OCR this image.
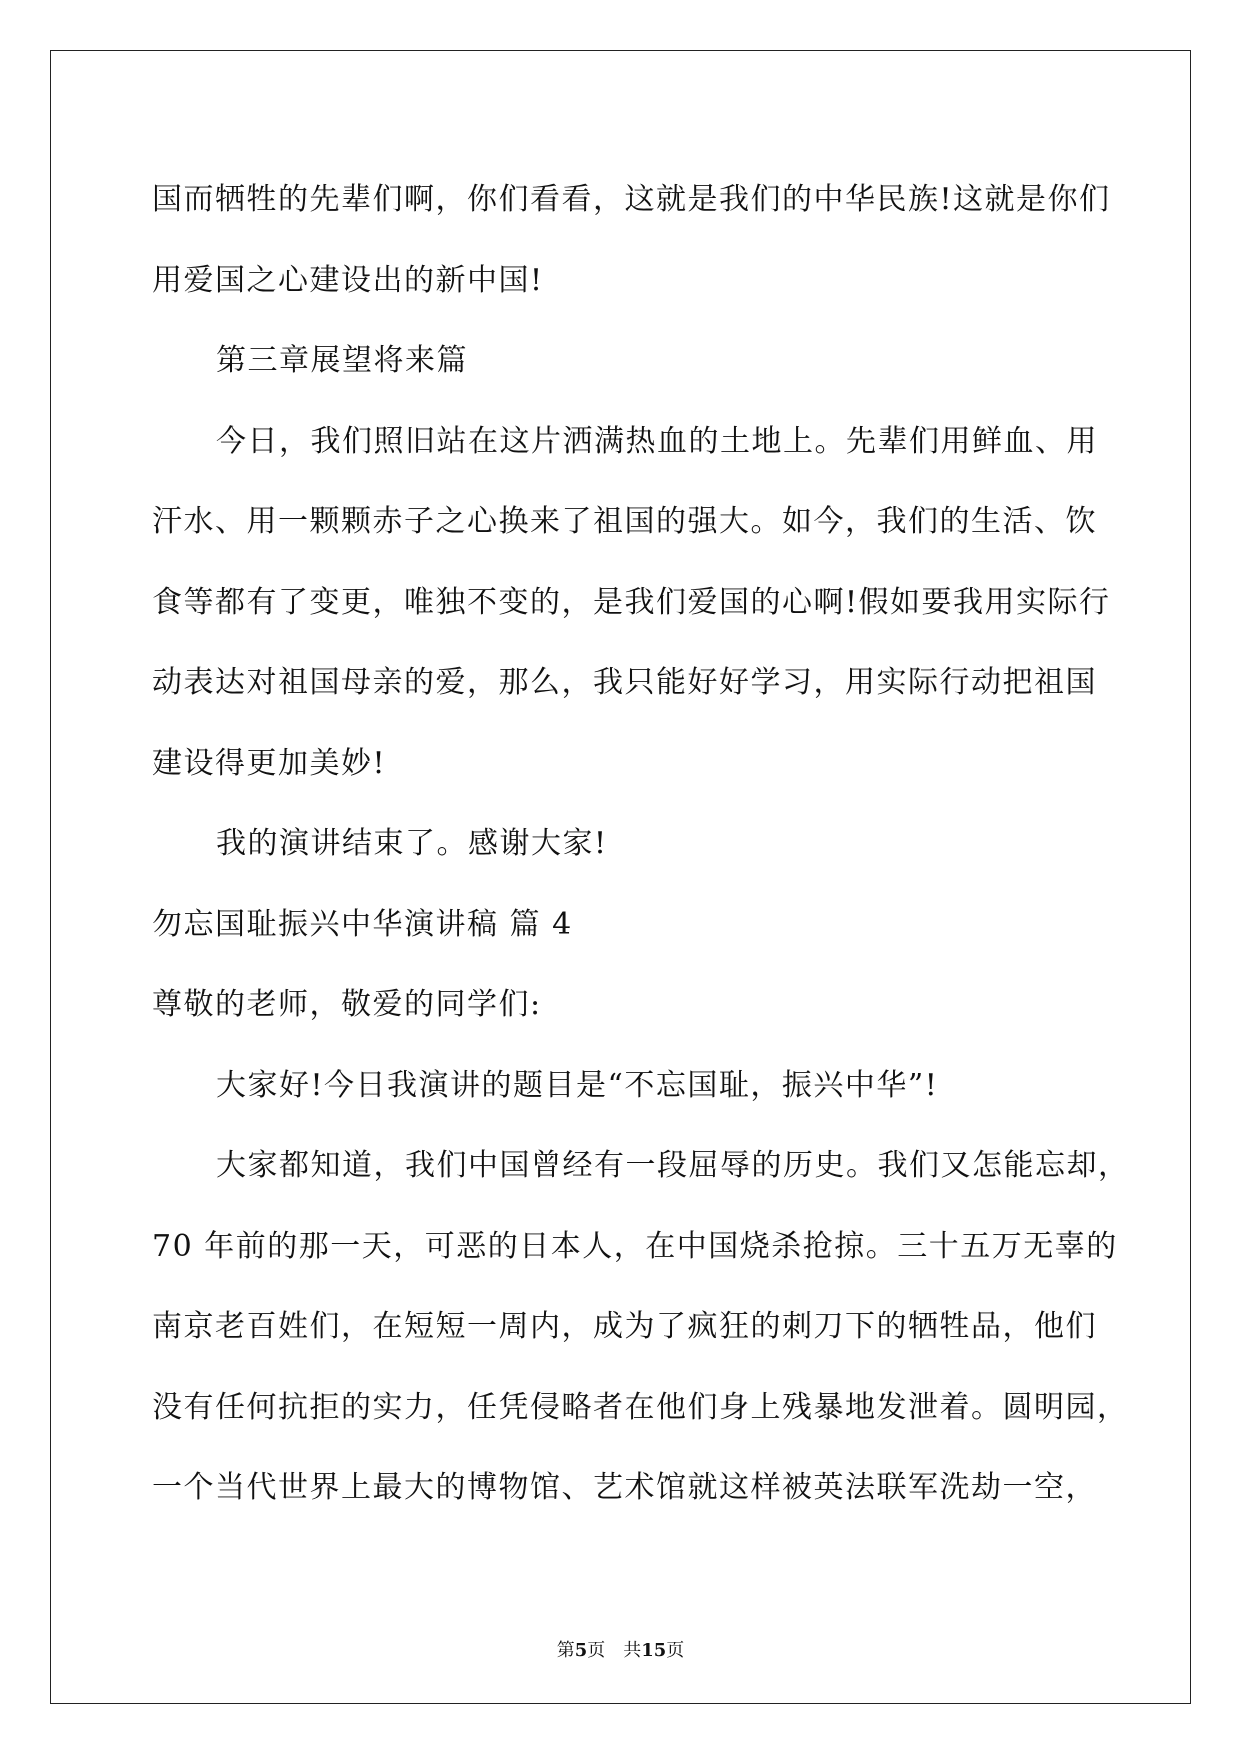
国而牺牲的先辈们啊，你们看看，这就是我们的中华民族!这就是你们
用爱国之心建设出的新中国!
第三章展望将来篇
今日，我们照旧站在这片洒满热血的土地上。先辈们用鲜血、用
汗水、用一颗颗赤子之心换来了祖国的强大。如今，我们的生活、饮
食等都有了变更，唯独不变的，是我们爱国的心啊!假如要我用实际行
动表达对祖国母亲的爱，那么，我只能好好学习，用实际行动把祖国
建设得更加美妙!
我的演讲结束了。感谢大家!
勿忘国耻振兴中华演讲稿 篇 4
尊敬的老师，敬爱的同学们:
大家好!今日我演讲的题目是“不忘国耻，振兴中华”!
大家都知道，我们中国曾经有一段屈辱的历史。我们又怎能忘却，
70 年前的那一天，可恶的日本人，在中国烧杀抢掠。三十五万无辜的
南京老百姓们，在短短一周内，成为了疯狂的刺刀下的牺牲品，他们
没有任何抗拒的实力，任凭侵略者在他们身上残暴地发泄着。圆明园，
一个当代世界上最大的博物馆、艺术馆就这样被英法联军洗劫一空，
第5页 共15页
